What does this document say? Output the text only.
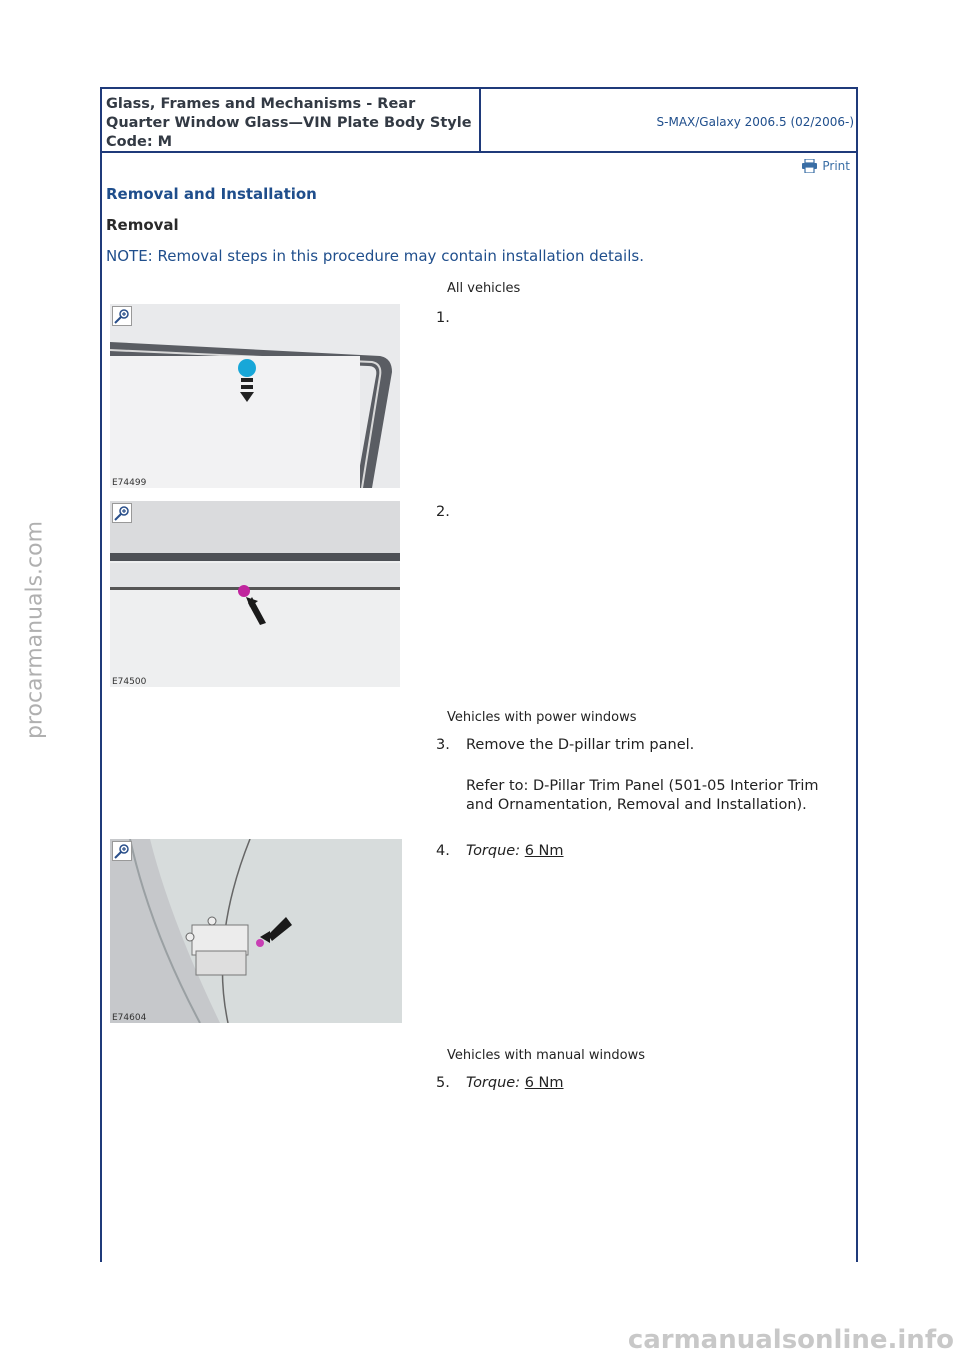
Glass, Frames and Mechanisms - Rear Quarter Window Glass—VIN Plate Body Style Code: M
S-MAX/Galaxy 2006.5 (02/2006-)
Print
Removal and Installation
Removal
NOTE: Removal steps in this procedure may contain installation details.
All vehicles
E74499
1.
E74500
2.
Vehicles with power windows
3. Remove the D-pillar trim panel.
Refer to: D-Pillar Trim Panel (501-05 Interior Trim and Ornamentation, Removal and Installation).
E74604
4. Torque: 6 Nm
Vehicles with manual windows
5. Torque: 6 Nm
procarmanuals.com
carmanualsonline.info
